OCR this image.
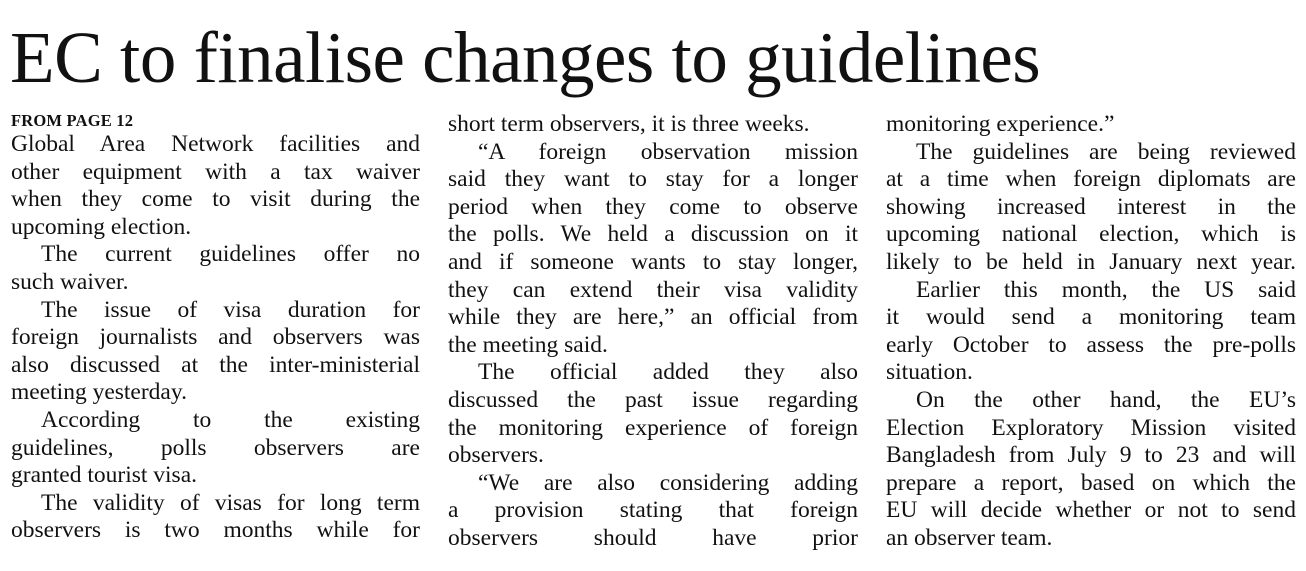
EC to finalise changes to guidelines
FROM PAGE 12
Global Area Network facilities and
other equipment with a tax waiver
when they come to visit during the
upcoming election.
The current guidelines offer no
such waiver.
The issue of visa duration for
foreign journalists and observers was
also discussed at the inter-ministerial
meeting yesterday.
According to the existing
guidelines, polls observers are
granted tourist visa.
The validity of visas for long term
observers is two months while for
short term observers, it is three weeks.
“A foreign observation mission
said they want to stay for a longer
period when they come to observe
the polls. We held a discussion on it
and if someone wants to stay longer,
they can extend their visa validity
while they are here,” an official from
the meeting said.
The official added they also
discussed the past issue regarding
the monitoring experience of foreign
observers.
“We are also considering adding
a provision stating that foreign
observers should have prior
monitoring experience.”
The guidelines are being reviewed
at a time when foreign diplomats are
showing increased interest in the
upcoming national election, which is
likely to be held in January next year.
Earlier this month, the US said
it would send a monitoring team
early October to assess the pre-polls
situation.
On the other hand, the EU’s
Election Exploratory Mission visited
Bangladesh from July 9 to 23 and will
prepare a report, based on which the
EU will decide whether or not to send
an observer team.
